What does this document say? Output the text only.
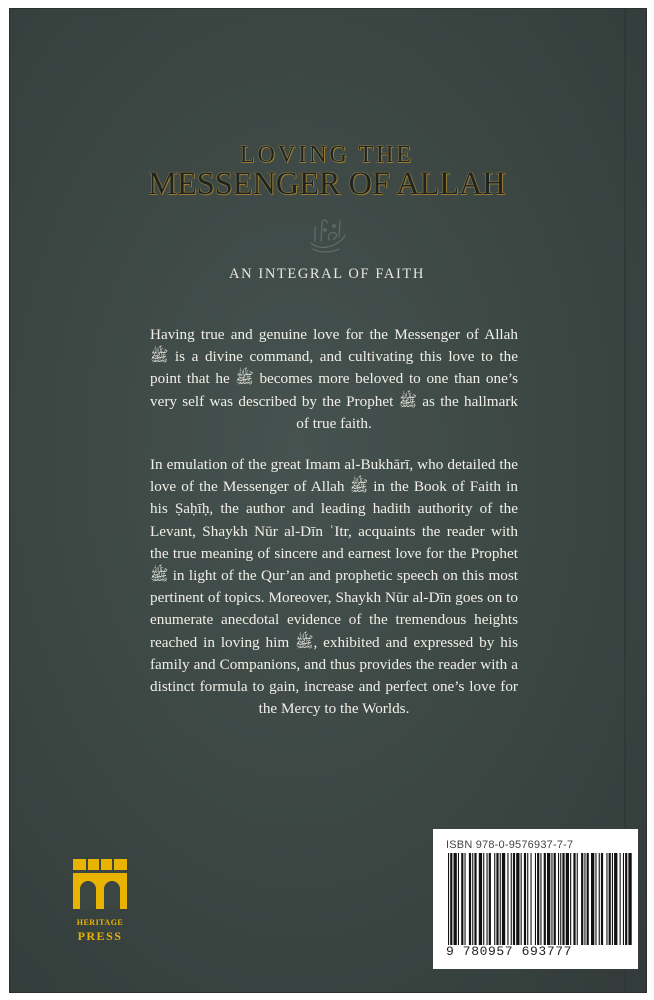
LOVING THE
MESSENGER OF ALLAH
AN INTEGRAL OF FAITH
Having true and genuine love for the Messenger of Allah ﷺ is a divine command, and cultivating this love to the point that he ﷺ becomes more beloved to one than one’s very self was described by the Prophet ﷺ as the hallmark of true faith.
In emulation of the great Imam al-Bukhārī, who detailed the love of the Messenger of Allah ﷺ in the Book of Faith in his Ṣaḥīḥ, the author and leading hadith authority of the Levant, Shaykh Nūr al-Dīn ʿItr, acquaints the reader with the true meaning of sincere and earnest love for the Prophet ﷺ in light of the Qur’an and prophetic speech on this most pertinent of topics. Moreover, Shaykh Nūr al-Dīn goes on to enumerate anecdotal evidence of the tremendous heights reached in loving him ﷺ, exhibited and expressed by his family and Companions, and thus provides the reader with a distinct formula to gain, increase and perfect one’s love for the Mercy to the Worlds.
HERITAGE
PRESS
ISBN 978-0-9576937-7-7
9 780957 693777
